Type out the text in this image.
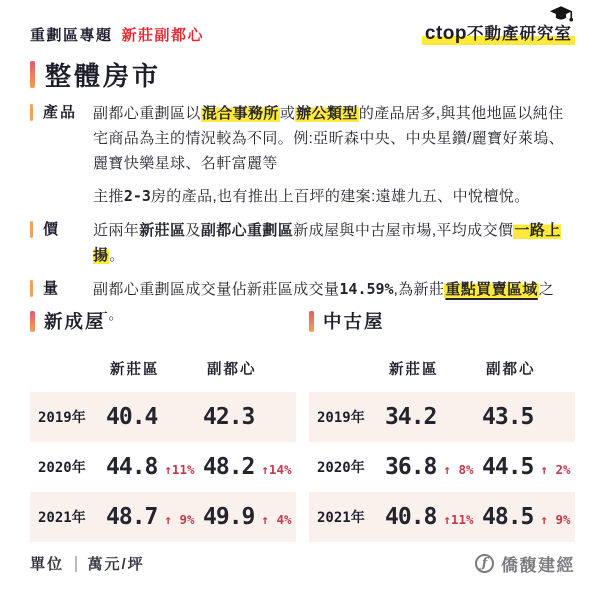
重劃區專題 新莊副都心	ctop不動產研究室
整體房市
產品	副都心重劃區以混合事務所或辦公類型的產品居多,與其他地區以純住宅商品為主的情況較為不同。例:亞昕森中央、中央星鑽/麗寶好萊塢、麗寶快樂星球、名軒富麗等

主推2-3房的產品,也有推出上百坪的建案:遠雄九五、中悅檀悅。

價	近兩年新莊區及副都心重劃區新成屋與中古屋市場,平均成交價一路上揚。

量	副都心重劃區成交量佔新莊區成交量14.59%,為新莊重點買賣區域之一。

新成屋
新莊區	副都心
2019年 40.4 42.3
2020年 44.8 ↑11% 48.2 ↑14%
2021年 48.7 ↑ 9% 49.9 ↑ 4%
中古屋
新莊區	副都心
2019年 34.2 43.5
2020年 36.8 ↑ 8% 44.5 ↑ 2%
2021年 40.8 ↑11% 48.5 ↑ 9%
單位 萬元/坪	ƒ 僑馥建經
